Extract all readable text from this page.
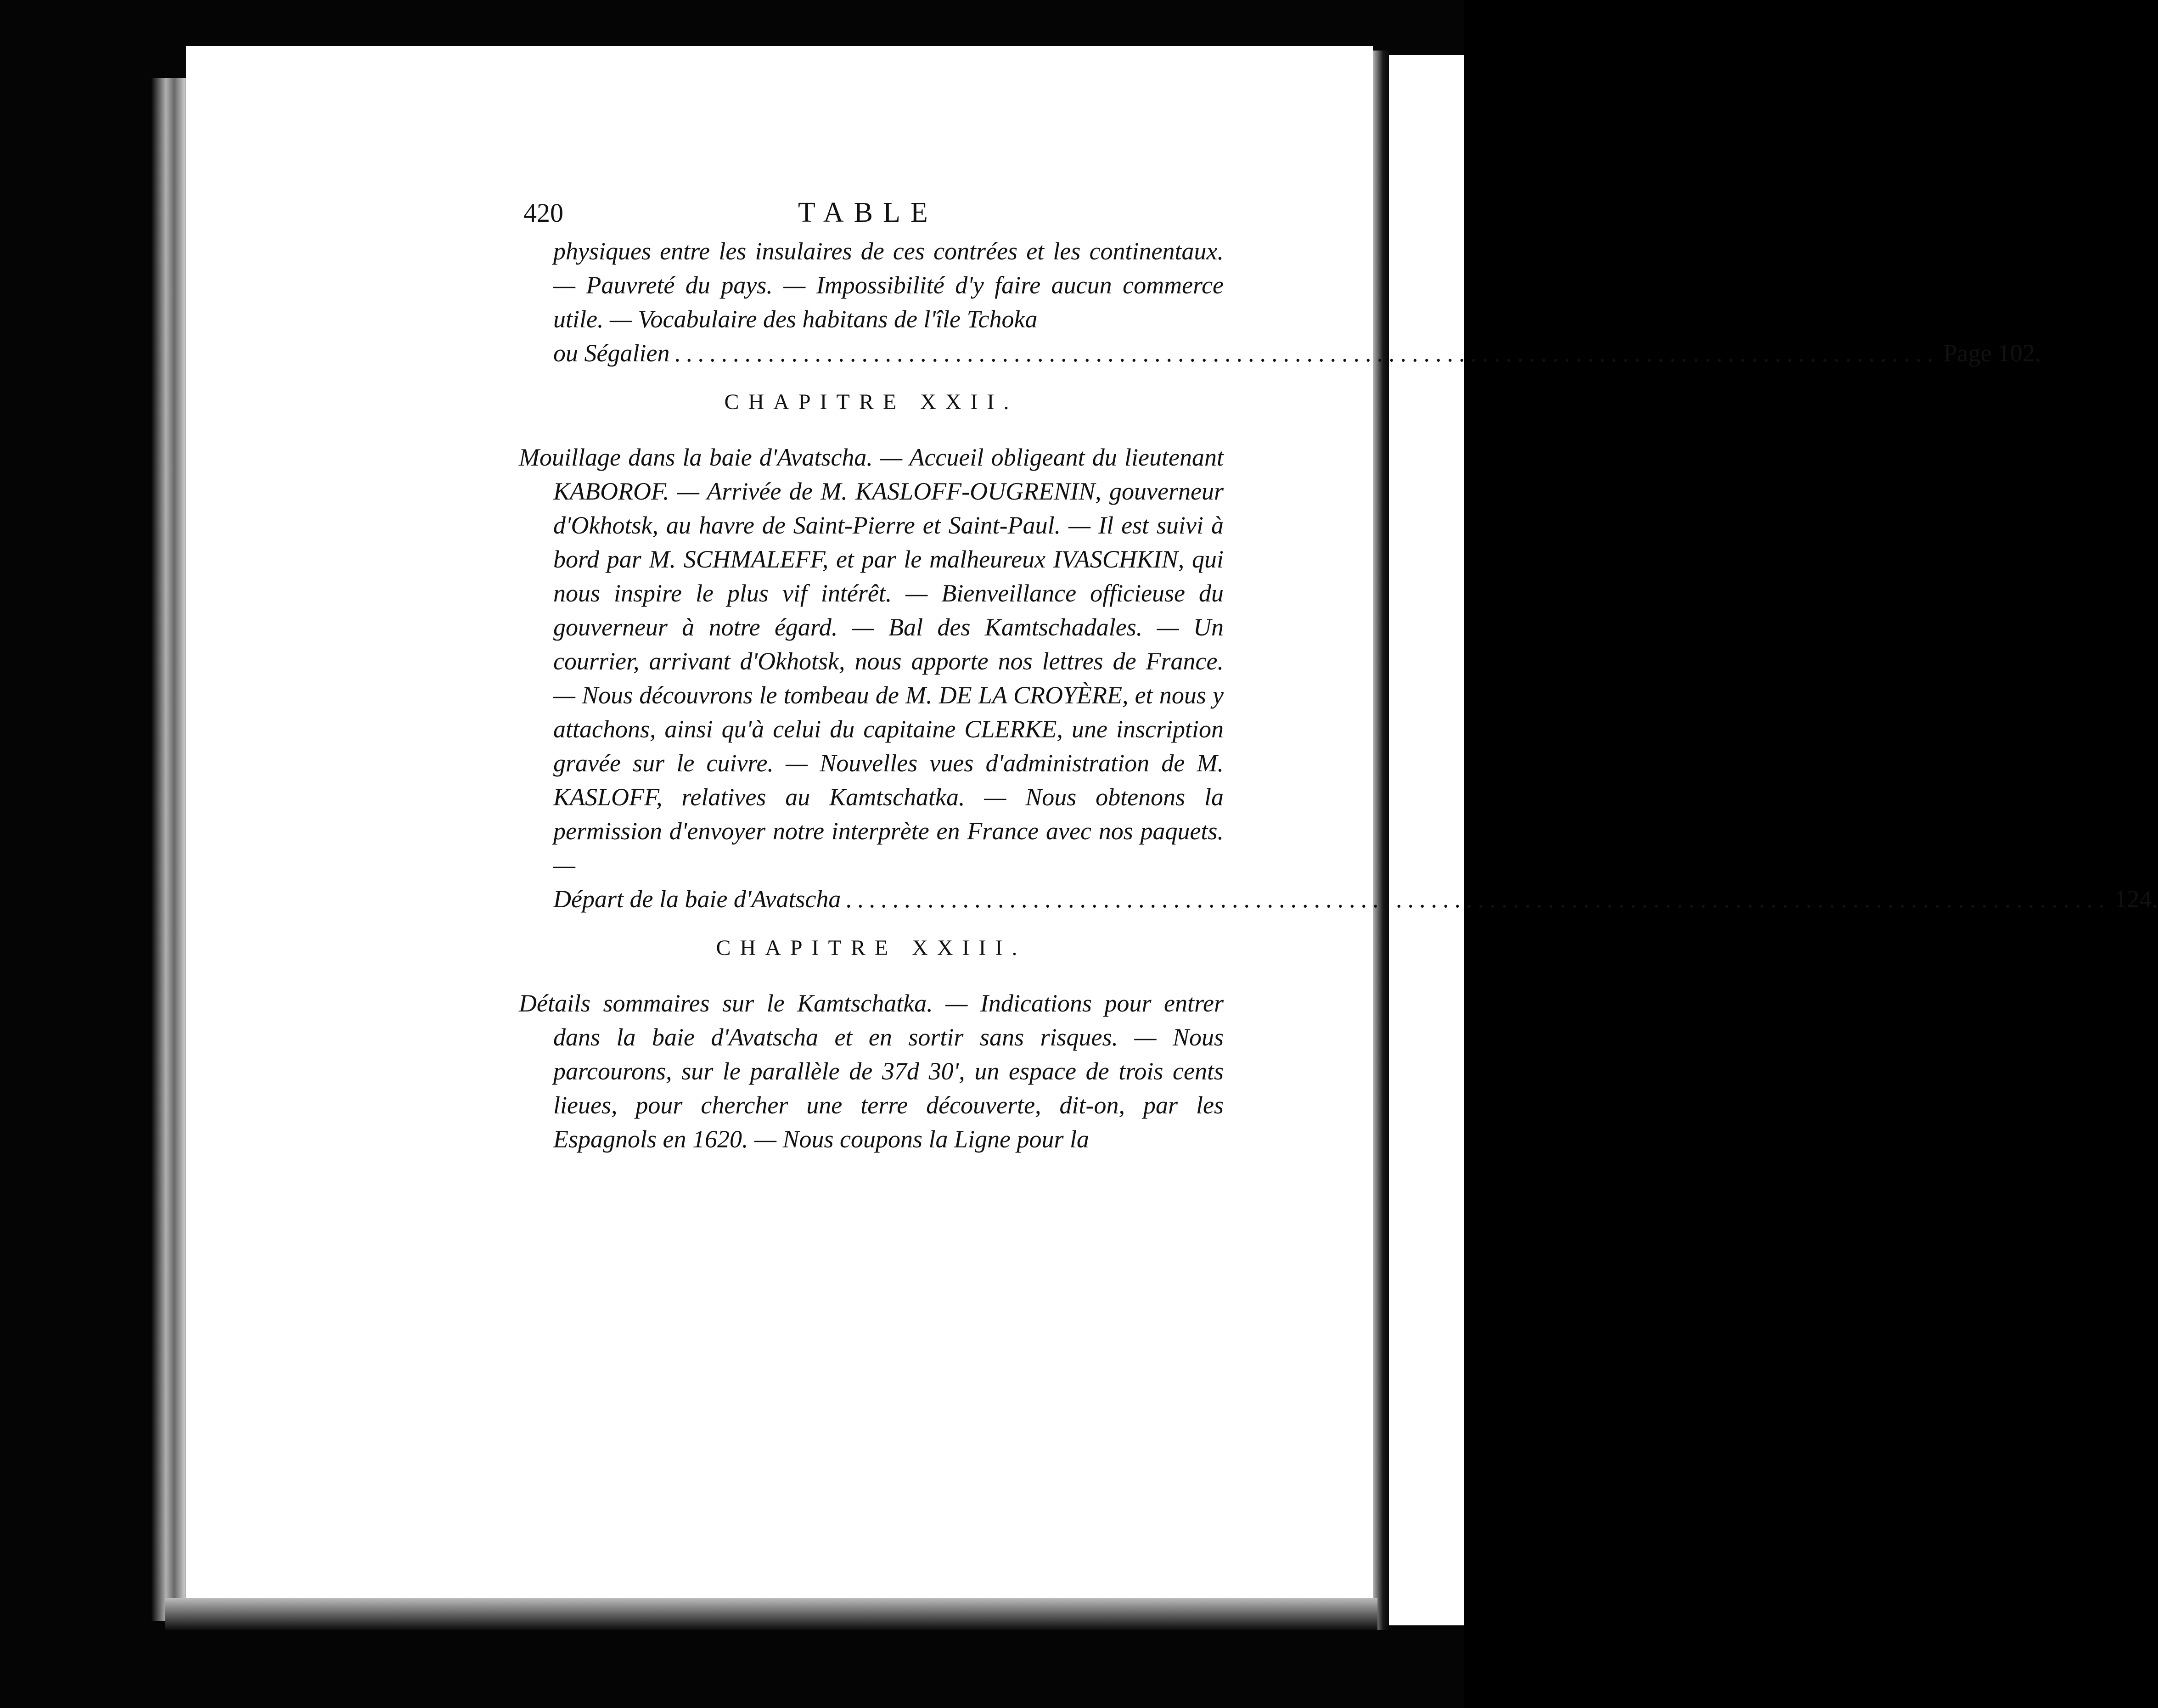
420	TABLE

physiques entre les insulaires de ces contrées et les continentaux. — Pauvreté du pays. — Impossibilité d'y faire aucun commerce utile. — Vocabulaire des habitans de l'île Tchoka

ou Ségalien ............................................................................................................ Page 102.
CHAPITRE XXII.

Mouillage dans la baie d'Avatscha. — Accueil obligeant du lieutenant KABOROF. — Arrivée de M. KASLOFF-OUGRENIN, gouverneur d'Okhotsk, au havre de Saint-Pierre et Saint-Paul. — Il est suivi à bord par M. SCHMALEFF, et par le malheureux IVASCHKIN, qui nous inspire le plus vif intérêt. — Bienveillance officieuse du gouverneur à notre égard. — Bal des Kamtschadales. — Un courrier, arrivant d'Okhotsk, nous apporte nos lettres de France. — Nous découvrons le tombeau de M. DE LA CROYÈRE, et nous y attachons, ainsi qu'à celui du capitaine CLERKE, une inscription gravée sur le cuivre. — Nouvelles vues d'administration de M. KASLOFF, relatives au Kamtschatka. — Nous obtenons la permission d'envoyer notre interprète en France avec nos paquets. —

Départ de la baie d'Avatscha ............................................................................................................ 124.
CHAPITRE XXIII.

Détails sommaires sur le Kamtschatka. — Indications pour entrer dans la baie d'Avatscha et en sortir sans risques. — Nous parcourons, sur le parallèle de 37d 30', un espace de trois cents lieues, pour chercher une terre découverte, dit-on, par les Espagnols en 1620. — Nous coupons la Ligne pour la
